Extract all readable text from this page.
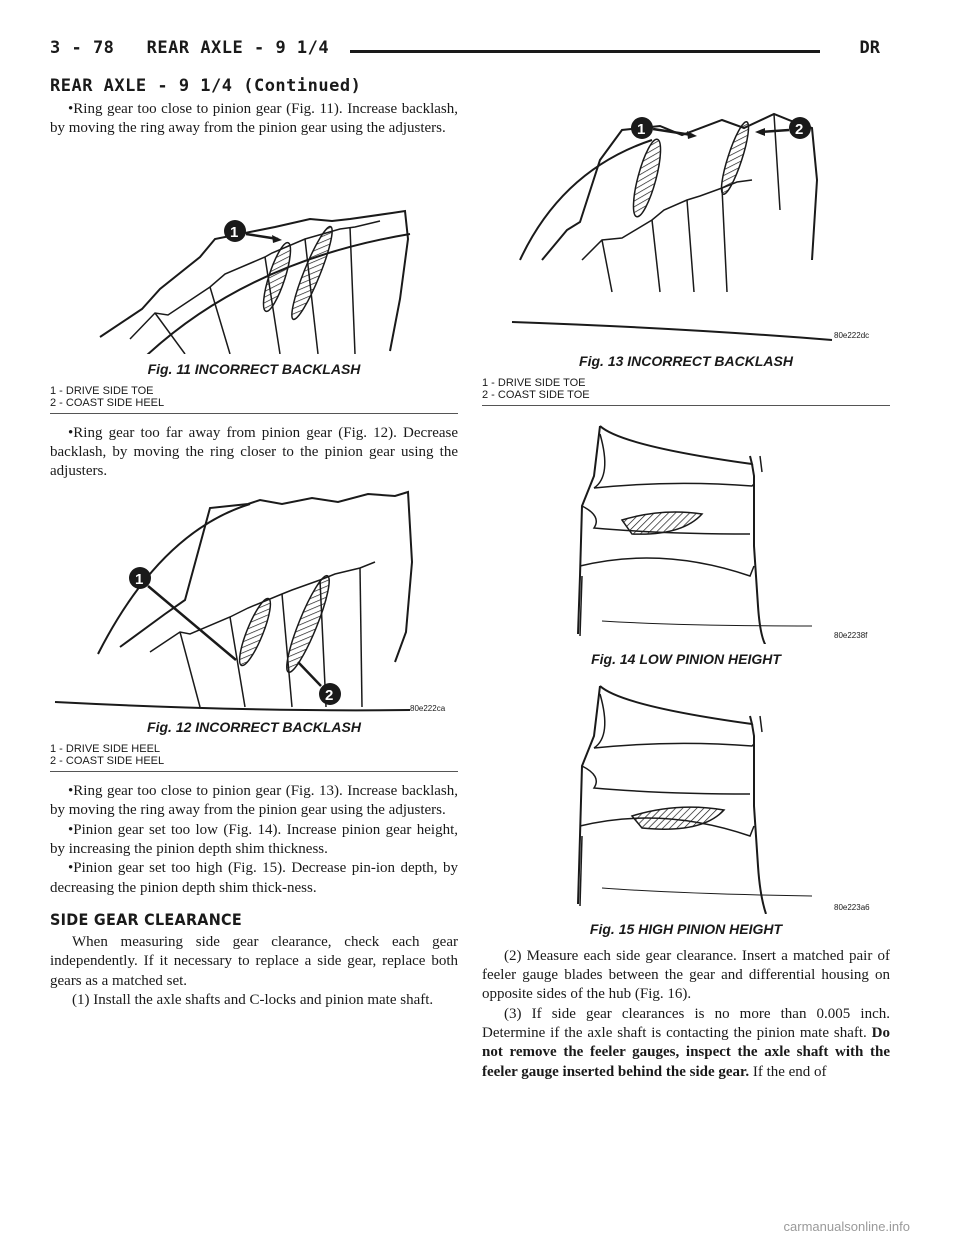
3 - 78 REAR AXLE - 9 1/4	DR
REAR AXLE - 9 1/4 (Continued)

•Ring gear too close to pinion gear (Fig. 11). Increase backlash, by moving the ring away from the pinion gear using the adjusters.

1
Fig. 11 INCORRECT BACKLASH
1 - DRIVE SIDE TOE
2 - COAST SIDE HEEL

•Ring gear too far away from pinion gear (Fig. 12). Decrease backlash, by moving the ring closer to the pinion gear using the adjusters.

1
2
80e222ca
Fig. 12 INCORRECT BACKLASH
1 - DRIVE SIDE HEEL
2 - COAST SIDE HEEL

•Ring gear too close to pinion gear (Fig. 13). Increase backlash, by moving the ring away from the pinion gear using the adjusters.

•Pinion gear set too low (Fig. 14). Increase pinion gear height, by increasing the pinion depth shim thickness.

•Pinion gear set too high (Fig. 15). Decrease pin-ion depth, by decreasing the pinion depth shim thick-ness.

SIDE GEAR CLEARANCE

When measuring side gear clearance, check each gear independently. If it necessary to replace a side gear, replace both gears as a matched set.

(1) Install the axle shafts and C-locks and pinion mate shaft.

1	2
80e222dc
Fig. 13 INCORRECT BACKLASH
1 - DRIVE SIDE TOE
2 - COAST SIDE TOE
80e2238f
Fig. 14 LOW PINION HEIGHT
80e223a6
Fig. 15 HIGH PINION HEIGHT

(2) Measure each side gear clearance. Insert a matched pair of feeler gauge blades between the gear and differential housing on opposite sides of the hub (Fig. 16).

(3) If side gear clearances is no more than 0.005 inch. Determine if the axle shaft is contacting the pinion mate shaft. Do not remove the feeler gauges, inspect the axle shaft with the feeler gauge inserted behind the side gear. If the end of

carmanualsonline.info
